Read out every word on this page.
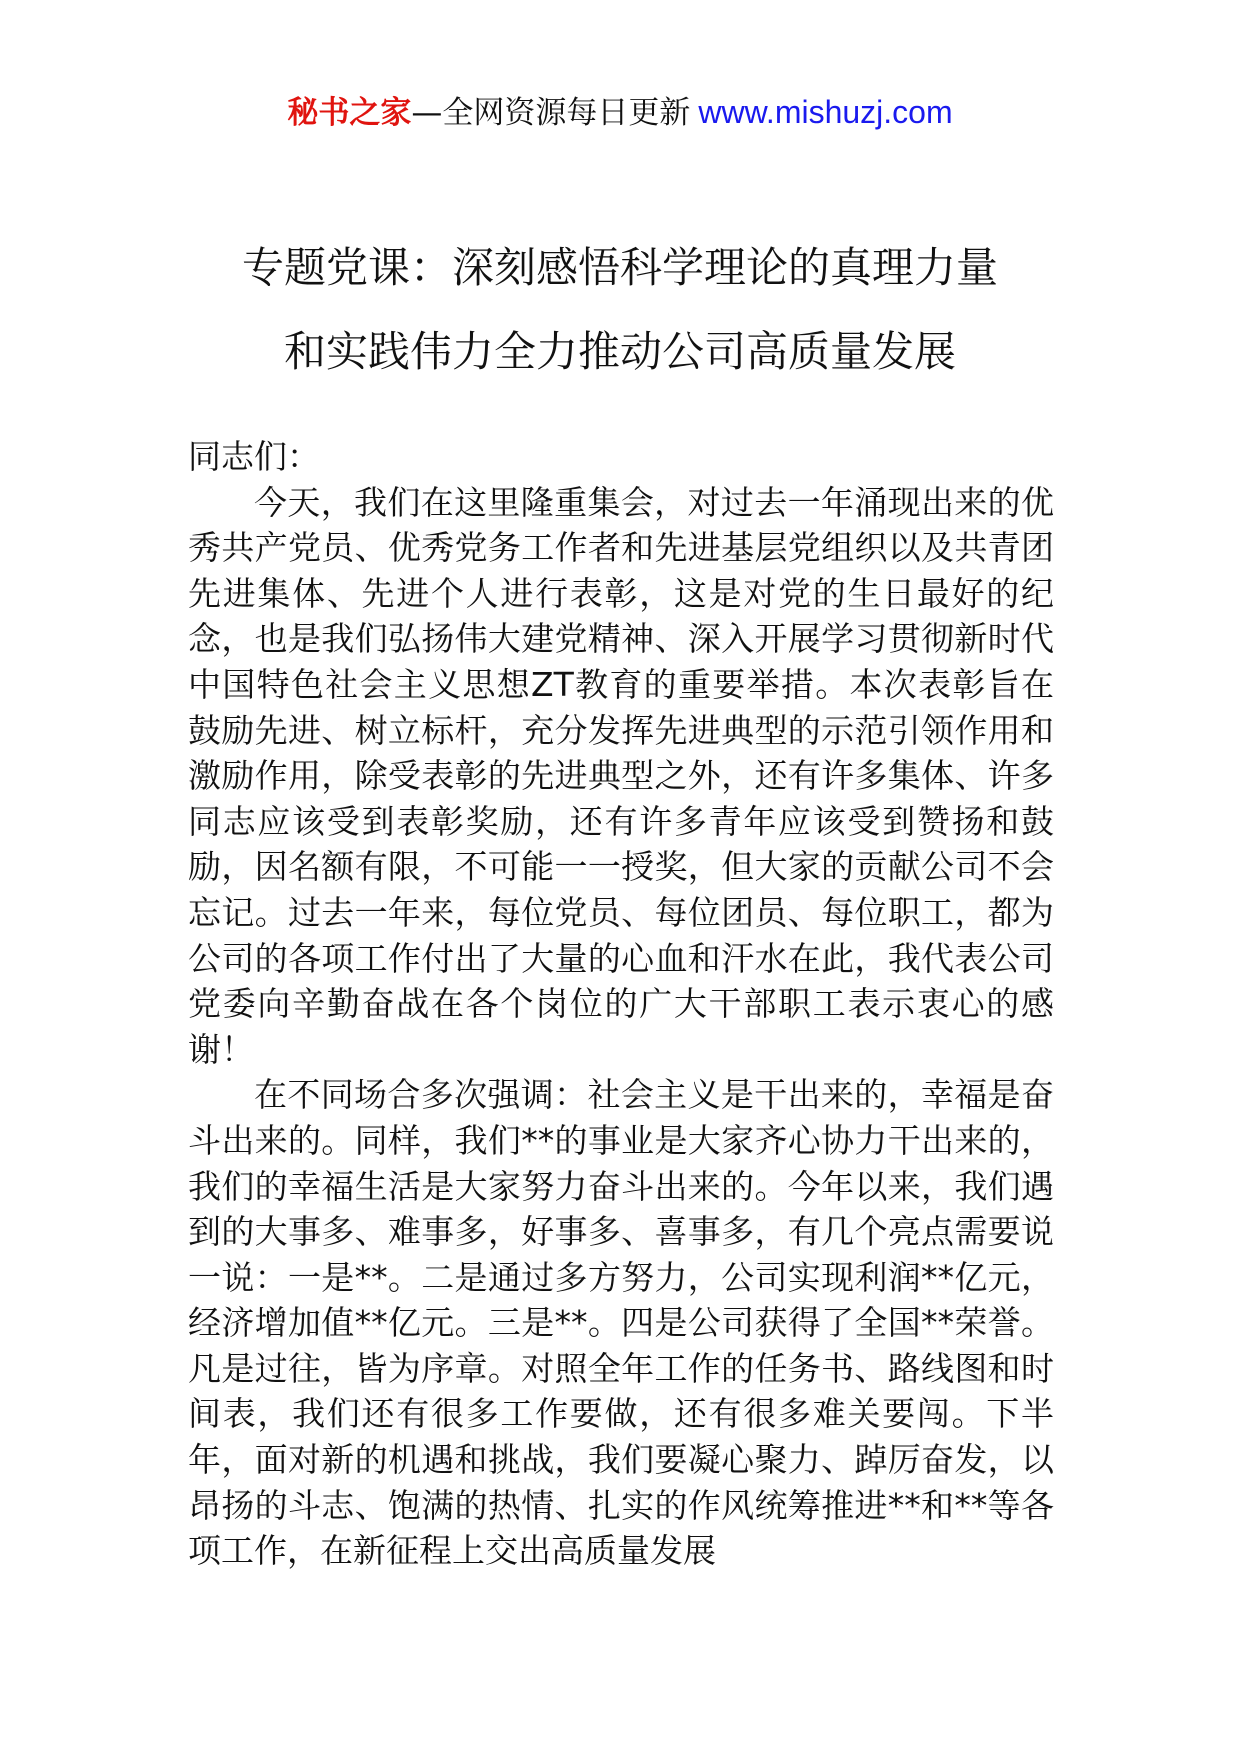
秘书之家—全网资源每日更新 www.mishuzj.com
专题党课：深刻感悟科学理论的真理力量
和实践伟力全力推动公司高质量发展

同志们：

今天，我们在这里隆重集会，对过去一年涌现出来的优秀共产党员、优秀党务工作者和先进基层党组织以及共青团先进集体、先进个人进行表彰，这是对党的生日最好的纪念，也是我们弘扬伟大建党精神、深入开展学习贯彻新时代中国特色社会主义思想ZT教育的重要举措。本次表彰旨在鼓励先进、树立标杆，充分发挥先进典型的示范引领作用和激励作用，除受表彰的先进典型之外，还有许多集体、许多同志应该受到表彰奖励，还有许多青年应该受到赞扬和鼓励，因名额有限，不可能一一授奖，但大家的贡献公司不会忘记。过去一年来，每位党员、每位团员、每位职工，都为公司的各项工作付出了大量的心血和汗水在此，我代表公司党委向辛勤奋战在各个岗位的广大干部职工表示衷心的感谢！

在不同场合多次强调：社会主义是干出来的，幸福是奋斗出来的。同样，我们**的事业是大家齐心协力干出来的，我们的幸福生活是大家努力奋斗出来的。今年以来，我们遇到的大事多、难事多，好事多、喜事多，有几个亮点需要说一说：一是**。二是通过多方努力，公司实现利润**亿元，经济增加值**亿元。三是**。四是公司获得了全国**荣誉。凡是过往，皆为序章。对照全年工作的任务书、路线图和时间表，我们还有很多工作要做，还有很多难关要闯。下半年，面对新的机遇和挑战，我们要凝心聚力、踔厉奋发，以昂扬的斗志、饱满的热情、扎实的作风统筹推进**和**等各项工作，在新征程上交出高质量发展
